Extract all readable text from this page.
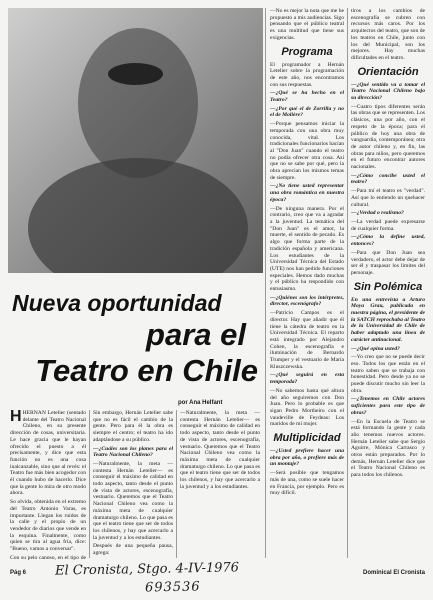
Nueva oportunidad
para el
Teatro en Chile
por Ana Helfant

HHERNAN Letelier (sentado delante del Teatro Nacional Chileno, en su presente dirección de cosas, universitaria. Le hace gracia que le hayan ofrecido el puesto a él precisamente, y dice que esta función no es una cosa inalcanzable, sino que al revés: el Teatro fue más bien acogedor con él cuando hubo de hacerlo. Dice que la gente lo mira de otro modo ahora.

So olvida, obtenida en el extremo del Teatro Antonio Varas, es importante. Llegan los ruidos de la calle y el propio de un vendedor de diarios que vende en la esquina. Finalmente, como quien se tira al agua fría, dice: "Bueno, vamos a conversar".

Con su pelo canoso, en el tipo de

Sin embargo, Hernán Letelier sabe que no es fácil el cambio de la gente. Pero para él la obra es siempre el centro; el teatro ha ido adaptándose a su público.

—¿Cuáles son los planes para el Teatro Nacional Chileno?

—Naturalmente, la meta —contesta Hernán Letelier— es conseguir el máximo de calidad en todo aspecto, tanto desde el punto de vista de actores, escenografía, vestuario. Queremos que el Teatro Nacional Chileno vea como la máxima meta de cualquier dramaturgo chileno. Lo que pasa es que el teatro tiene que ser de todos los chilenos, y hay que acercarlo a la juventud y a los estudiantes.

Después de una pequeña pausa, agrega:

—Naturalmente, la meta —contesta Hernán Letelier— es conseguir el máximo de calidad en todo aspecto, tanto desde el punto de vista de actores, escenografía, vestuario. Queremos que el Teatro Nacional Chileno vea como la máxima meta de cualquier dramaturgo chileno. Lo que pasa es que el teatro tiene que ser de todos los chilenos, y hay que acercarlo a la juventud y a los estudiantes.

—No es mejor la nota que me he propuesto a mis audiencias. Sigo pensando que el público teatral es una multitud que tiene sus exigencias.

Programa

El programador a Hernán Letelier sobre la programación de este año, nos encontramos con sus respuestas.

—¿Qué se ha hecho en el Teatro?

—¿Por qué el de Zorrilla y no el de Molière?

—Porque pensamos iniciar la temporada con una obra muy conocida, vital. Los tradicionales funcionarios hacían al "Don Juan" cuando el teatro no podía ofrecer otra cosa. Así que no se sabe por qué, pero la obra aprecian los mismos temas de siempre.

—¿No tiene usted representar una obra romántica en nuestra época?

—De ninguna manera. Por el contrario, creo que va a agradar a la juventud. La temática del "Don Juan" es el amor, la muerte, el sentido de pecado. Es algo que forma parte de la tradición española y americana. Los estudiantes de la Universidad Técnica del Estado (UTE) nos han pedido funciones especiales. Hemos dado muchas y el público ha respondido con entusiasmo.

—¿Quiénes son los intérpretes, director, escenógrafo?

—Patricio Campos es el director. Hay que añadir que él tiene la cátedra de teatro en la Universidad Técnica. El reparto está integrado por Alejandro Cohen, la escenografía e iluminación de Bernardo Trumper y el vestuario de María Kluszczewska.

—¿Qué seguirá en esta temporada?

—No sabemos hasta qué altura del año seguiremos con Don Juan. Pero lo probable es que sigan Pedro Mortheiru con el vaudeville de Feydeau: Los maridos de mi mujer.

Multiplicidad

—¿Usted prefiere hacer una obra por año, o prefiere más de un montaje?

—Será posible que tengamos más de una, como se suele hacer en Francia, por ejemplo. Pero es muy difícil.

tiros a los cambios de escenografía se cubren con recursos más caros. Por los arquitectos del teatro, que son de los teatros en Chile, junto con los del Municipal, son los mejores. Hay muchas dificultades en el teatro.

Orientación

—¿Qué sentido va a tomar el Teatro Nacional Chileno bajo su dirección?

—Cuatro tipos diferentes serán las obras que se representen. Los clásicos, una por año, con el respeto de la época; para el público de hoy una obra de vanguardia, contemporánea; otra de autor chileno y, en fin, las obras para niños, pero queremos en el futuro encontrar autores nacionales.

—¿Cómo concibe usted el teatro?

—Para mí el teatro es "verdad". Así que lo entiendo un quehacer cultural.

—¿Verdad o realismo?

—La verdad puede expresarse de cualquier forma.

—¿Cómo la define usted, entonces?

—Para que Don Juan sea verdadero, el actor debe dejar de ser él y traspasar los límites del personaje.

Sin Polémica

En una entrevista a Arturo Moya Grau, publicada en nuestra página, el presidente de la SATCH reprochaba al Teatro de la Universidad de Chile de haber adaptado una línea de carácter antinacional.

—¿Qué opina usted?

—Yo creo que no se puede decir eso. Todos los que están en el teatro saben que se trabaja con honestidad. Pero desde ya no se puede discutir mucho sin leer la obra.

—¿Tenemos en Chile actores suficientes para este tipo de obras?

—En la Escuela de Teatro se está formando la gente y cada año tenemos nuevos actores. Hernán Letelier sabe que Sergio Aguirre, Mónica Carrasco y otros están preparados. Por lo demás, Hernán Letelier dice que el Teatro Nacional Chileno es para todos los chilenos.

Pág 6	Dominical El Cronista
El Cronista, Stgo. 4-IV-1976
693536
